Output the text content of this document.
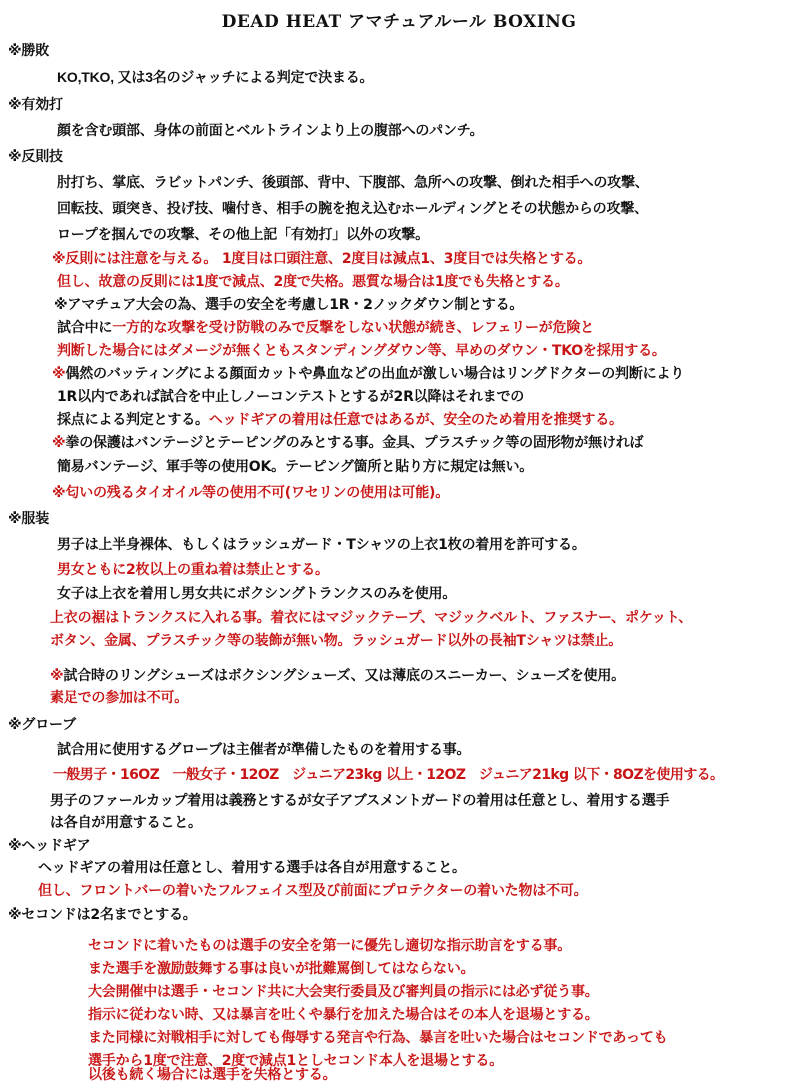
DEAD HEAT アマチュアルール BOXING
※勝敗
KO,TKO, 又は3名のジャッチによる判定で決まる。
※有効打
顔を含む頭部、身体の前面とベルトラインより上の腹部へのパンチ。
※反則技
肘打ち、掌底、ラビットパンチ、後頭部、背中、下腹部、急所への攻撃、倒れた相手への攻撃、
回転技、頭突き、投げ技、噛付き、相手の腕を抱え込むホールディングとその状態からの攻撃、
ロープを掴んでの攻撃、その他上記「有効打」以外の攻撃。
※反則には注意を与える。 1度目は口頭注意、2度目は減点1、3度目では失格とする。
但し、故意の反則には1度で減点、2度で失格。悪質な場合は1度でも失格とする。
※アマチュア大会の為、選手の安全を考慮し1R・2ノックダウン制とする。
試合中に一方的な攻撃を受け防戦のみで反撃をしない状態が続き、レフェリーが危険と
判断した場合にはダメージが無くともスタンディングダウン等、早めのダウン・TKOを採用する。
※偶然のバッティングによる顔面カットや鼻血などの出血が激しい場合はリングドクターの判断により
1R以内であれば試合を中止しノーコンテストとするが2R以降はそれまでの
採点による判定とする。ヘッドギアの着用は任意ではあるが、安全のため着用を推奨する。
※拳の保護はバンテージとテーピングのみとする事。金具、プラスチック等の固形物が無ければ
簡易バンテージ、軍手等の使用OK。テーピング箇所と貼り方に規定は無い。
※匂いの残るタイオイル等の使用不可(ワセリンの使用は可能)。
※服装
男子は上半身裸体、もしくはラッシュガード・Tシャツの上衣1枚の着用を許可する。
男女ともに2枚以上の重ね着は禁止とする。
女子は上衣を着用し男女共にボクシングトランクスのみを使用。
上衣の裾はトランクスに入れる事。着衣にはマジックテープ、マジックベルト、ファスナー、ポケット、
ボタン、金属、プラスチック等の装飾が無い物。ラッシュガード以外の長袖Tシャツは禁止。
※試合時のリングシューズはボクシングシューズ、又は薄底のスニーカー、シューズを使用。
素足での参加は不可。
※グローブ
試合用に使用するグローブは主催者が準備したものを着用する事。
一般男子・16OZ　一般女子・12OZ　ジュニア23kg 以上・12OZ　ジュニア21kg 以下・8OZを使用する。
男子のファールカップ着用は義務とするが女子アブスメントガードの着用は任意とし、着用する選手
は各自が用意すること。
※ヘッドギア
ヘッドギアの着用は任意とし、着用する選手は各自が用意すること。
但し、フロントバーの着いたフルフェイス型及び前面にプロテクターの着いた物は不可。
※セコンドは2名までとする。
セコンドに着いたものは選手の安全を第一に優先し適切な指示助言をする事。
また選手を激励鼓舞する事は良いが批難罵倒してはならない。
大会開催中は選手・セコンド共に大会実行委員及び審判員の指示には必ず従う事。
指示に従わない時、又は暴言を吐くや暴行を加えた場合はその本人を退場とする。
また同様に対戦相手に対しても侮辱する発言や行為、暴言を吐いた場合はセコンドであっても
選手から1度で注意、2度で減点1としセコンド本人を退場とする。
以後も続く場合には選手を失格とする。
